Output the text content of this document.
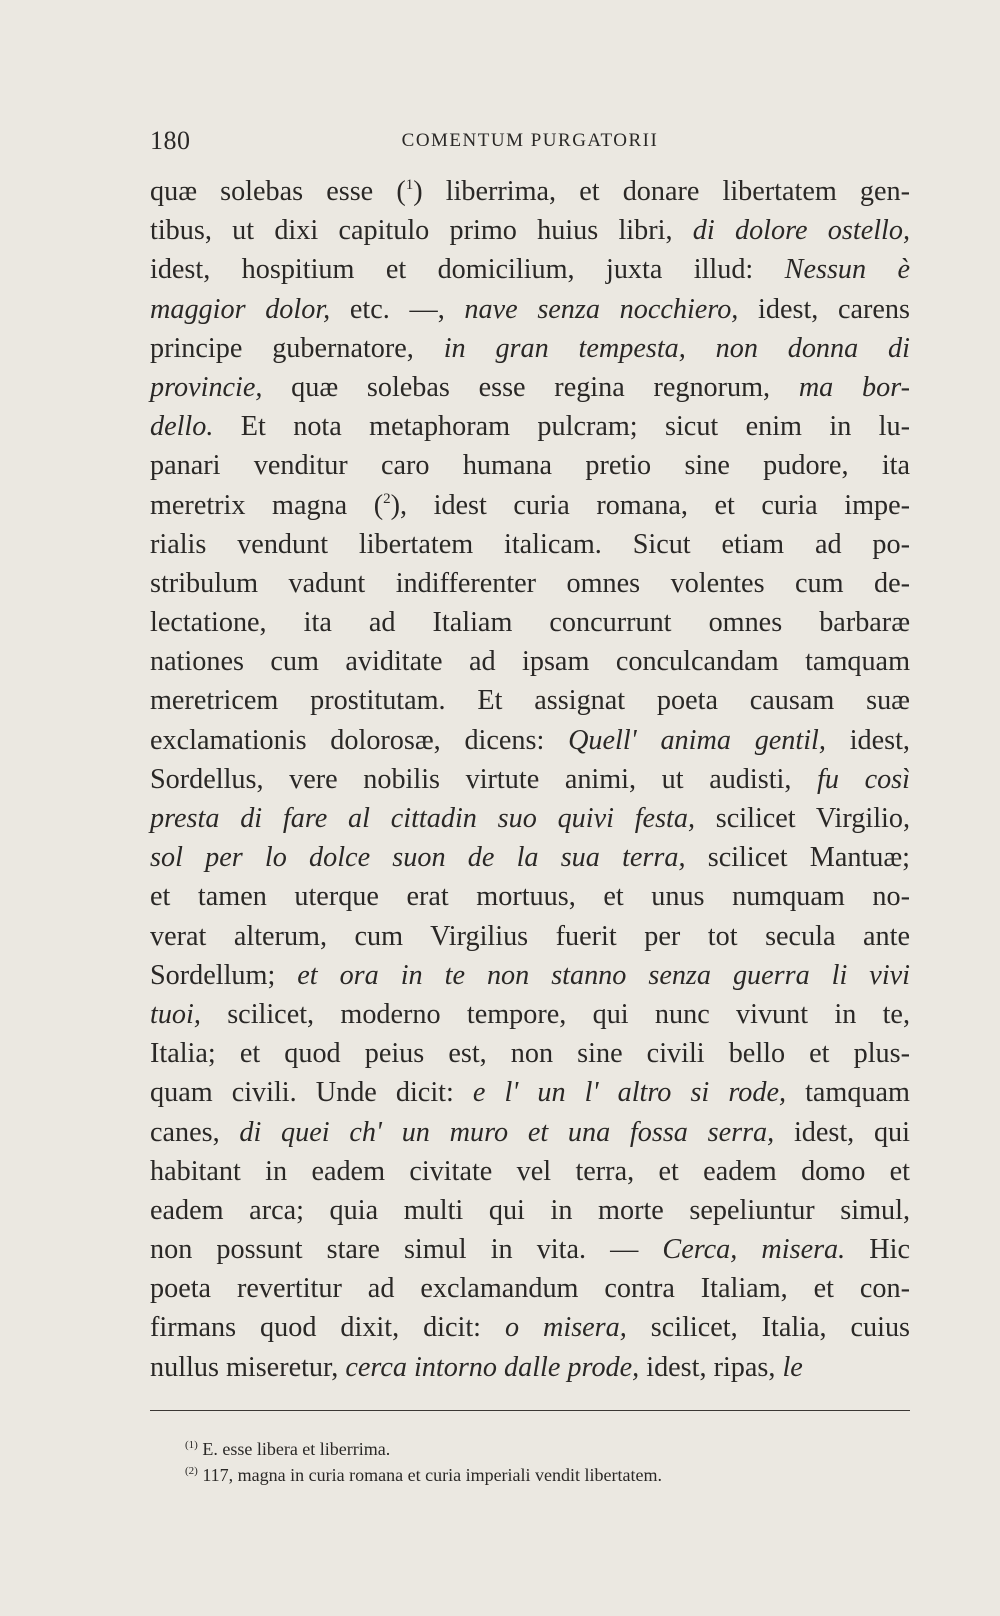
180	COMENTUM PURGATORII
quæ solebas esse ($^1$) liberrima, et donare libertatem gen-
tibus, ut dixi capitulo primo huius libri, di dolore ostello,
idest, hospitium et domicilium, juxta illud: Nessun è
maggior dolor, etc. —, nave senza nocchiero, idest, carens
principe gubernatore, in gran tempesta, non donna di
provincie, quæ solebas esse regina regnorum, ma bor-
dello. Et nota metaphoram pulcram; sicut enim in lu-
panari venditur caro humana pretio sine pudore, ita
meretrix magna ($^2$), idest curia romana, et curia impe-
rialis vendunt libertatem italicam. Sicut etiam ad po-
stribulum vadunt indifferenter omnes volentes cum de-
lectatione, ita ad Italiam concurrunt omnes barbaræ
nationes cum aviditate ad ipsam conculcandam tamquam
meretricem prostitutam. Et assignat poeta causam suæ
exclamationis dolorosæ, dicens: Quell' anima gentil, idest,
Sordellus, vere nobilis virtute animi, ut audisti, fu così
presta di fare al cittadin suo quivi festa, scilicet Virgilio,
sol per lo dolce suon de la sua terra, scilicet Mantuæ;
et tamen uterque erat mortuus, et unus numquam no-
verat alterum, cum Virgilius fuerit per tot secula ante
Sordellum; et ora in te non stanno senza guerra li vivi
tuoi, scilicet, moderno tempore, qui nunc vivunt in te,
Italia; et quod peius est, non sine civili bello et plus-
quam civili. Unde dicit: e l' un l' altro si rode, tamquam
canes, di quei ch' un muro et una fossa serra, idest, qui
habitant in eadem civitate vel terra, et eadem domo et
eadem arca; quia multi qui in morte sepeliuntur simul,
non possunt stare simul in vita. — Cerca, misera. Hic
poeta revertitur ad exclamandum contra Italiam, et con-
firmans quod dixit, dicit: o misera, scilicet, Italia, cuius
nullus miseretur, cerca intorno dalle prode, idest, ripas, le
$^{(1)}$ E. esse libera et liberrima.
$^{(2)}$ 117, magna in curia romana et curia imperiali vendit libertatem.
